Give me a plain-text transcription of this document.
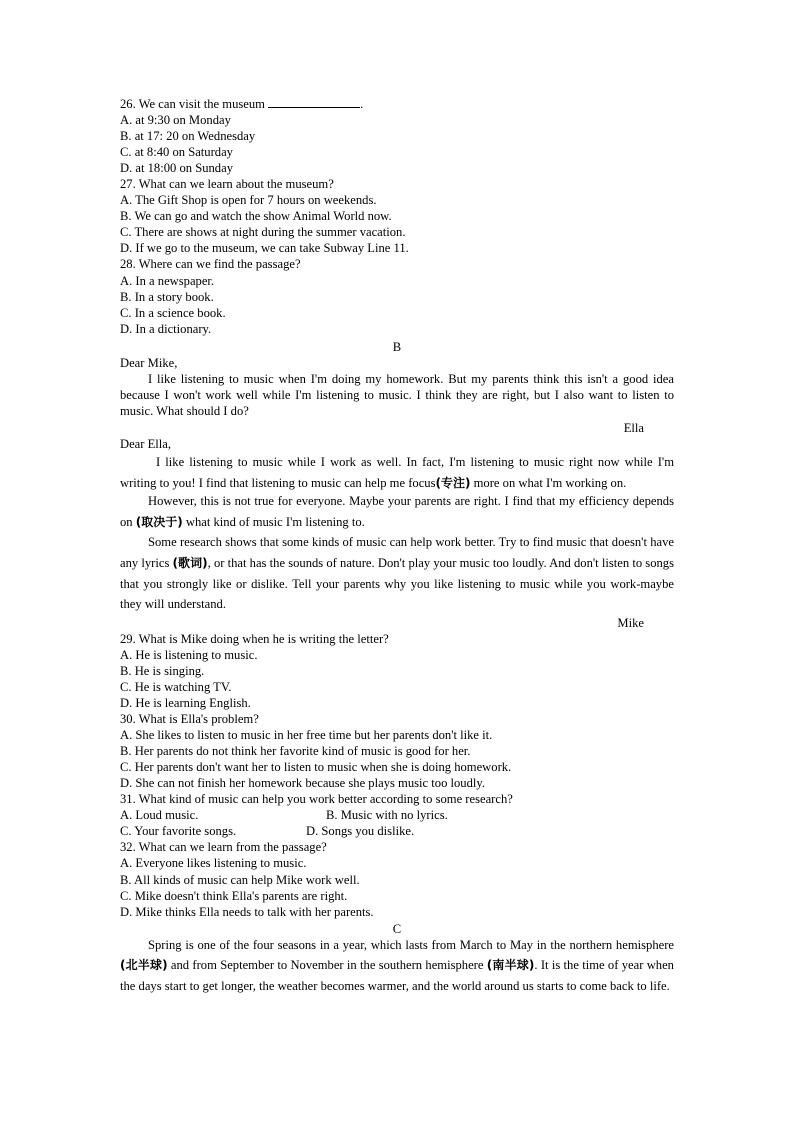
26. We can visit the museum	.
A. at 9:30 on Monday
B. at 17: 20 on Wednesday
C. at 8:40 on Saturday
D. at 18:00 on Sunday
27. What can we learn about the museum?
A. The Gift Shop is open for 7 hours on weekends.
B. We can go and watch the show Animal World now.
C. There are shows at night during the summer vacation.
D. If we go to the museum, we can take Subway Line 11.
28. Where can we find the passage?
A. In a newspaper.
B. In a story book.
C. In a science book.
D. In a dictionary.
B
Dear Mike,
I like listening to music when I'm doing my homework. But my parents think this isn't a good idea because I won't work well while I'm listening to music. I think they are right, but I also want to listen to music. What should I do?
Ella
Dear Ella,
I like listening to music while I work as well. In fact, I'm listening to music right now while I'm writing to you! I find that listening to music can help me focus(专注) more on what I'm working on.
However, this is not true for everyone. Maybe your parents are right. I find that my efficiency depends on (取决于) what kind of music I'm listening to.
Some research shows that some kinds of music can help work better. Try to find music that doesn't have any lyrics (歌词), or that has the sounds of nature. Don't play your music too loudly. And don't listen to songs that you strongly like or dislike. Tell your parents why you like listening to music while you work-maybe they will understand.
Mike
29. What is Mike doing when he is writing the letter?
A. He is listening to music.
B. He is singing.
C. He is watching TV.
D. He is learning English.
30. What is Ella's problem?
A. She likes to listen to music in her free time but her parents don't like it.
B. Her parents do not think her favorite kind of music is good for her.
C. Her parents don't want her to listen to music when she is doing homework.
D. She can not finish her homework because she plays music too loudly.
31. What kind of music can help you work better according to some research?
A. Loud music.	B. Music with no lyrics.
C. Your favorite songs.	D. Songs you dislike.
32. What can we learn from the passage?
A. Everyone likes listening to music.
B. All kinds of music can help Mike work well.
C. Mike doesn't think Ella's parents are right.
D. Mike thinks Ella needs to talk with her parents.
C
Spring is one of the four seasons in a year, which lasts from March to May in the northern hemisphere (北半球) and from September to November in the southern hemisphere (南半球). It is the time of year when the days start to get longer, the weather becomes warmer, and the world around us starts to come back to life.
